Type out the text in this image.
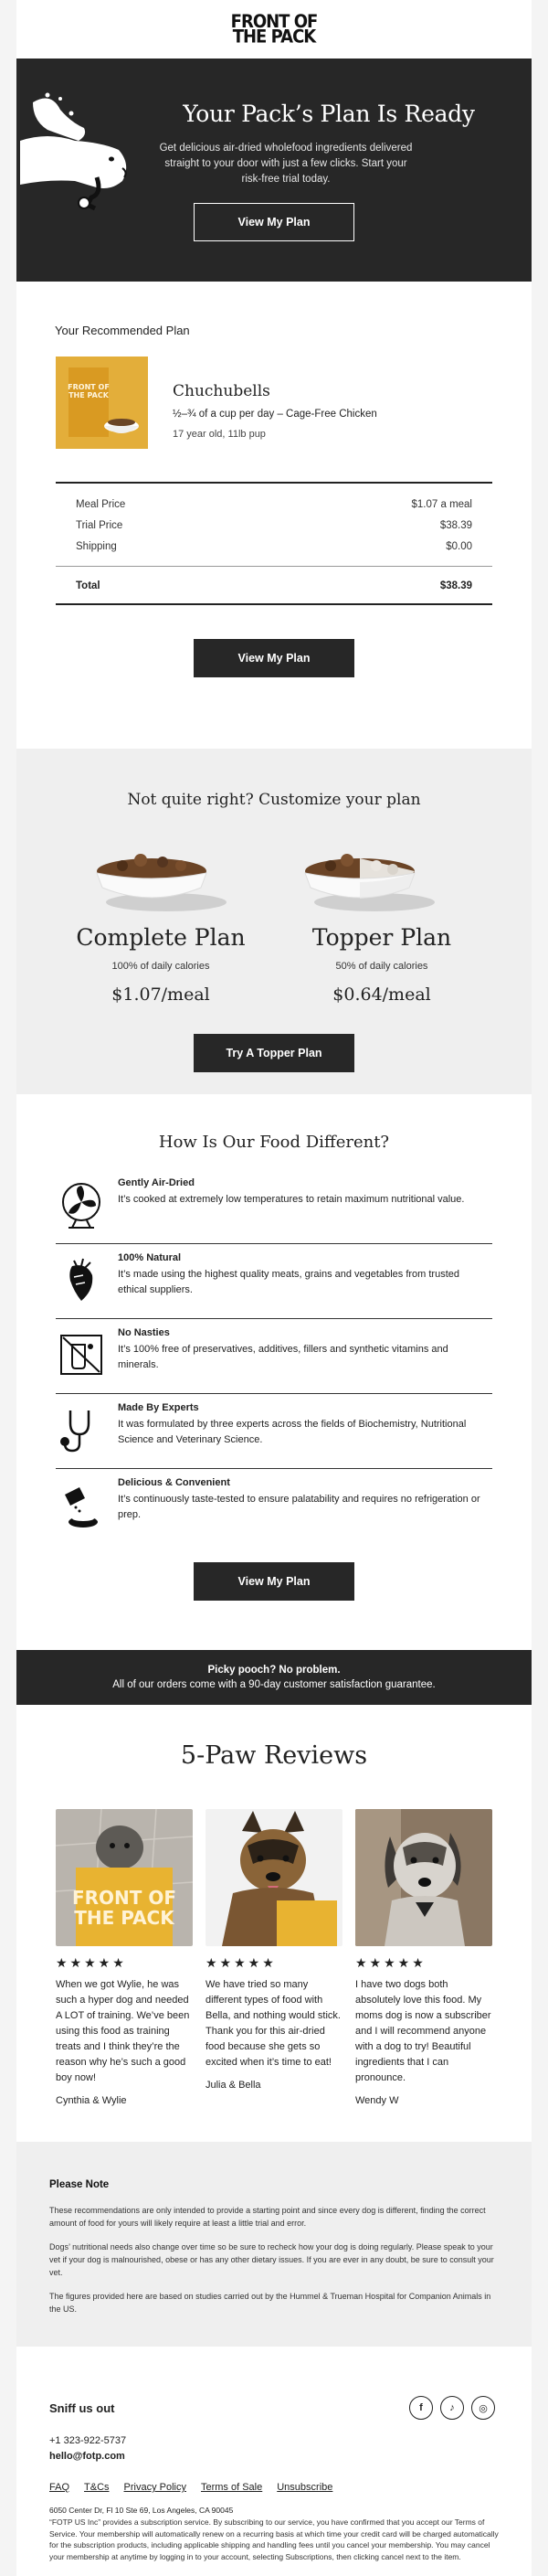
FRONT OF
THE PACK
Your Pack’s Plan Is Ready
Get delicious air-dried wholefood ingredients delivered straight to your door with just a few clicks. Start your risk-free trial today.
View My Plan
Your Recommended Plan
FRONT OF
THE PACK	Chuchubells
½–¾ of a cup per day – Cage-Free Chicken
17 year old, 11lb pup
Meal Price	$1.07 a meal
Trial Price	$38.39
Shipping	$0.00
Total	$38.39
View My Plan
Not quite right? Customize your plan
Complete Plan
100% of daily calories
$1.07/meal
Topper Plan
50% of daily calories
$0.64/meal
Try A Topper Plan
How Is Our Food Different?
Gently Air-Dried
It’s cooked at extremely low temperatures to retain maximum nutritional value.
100% Natural
It’s made using the highest quality meats, grains and vegetables from trusted ethical suppliers.
No Nasties
It’s 100% free of preservatives, additives, fillers and synthetic vitamins and minerals.
Made By Experts
It was formulated by three experts across the fields of Biochemistry, Nutritional Science and Veterinary Science.
Delicious & Convenient
It’s continuously taste-tested to ensure palatability and requires no refrigeration or prep.
View My Plan
Picky pooch? No problem.
All of our orders come with a 90-day customer satisfaction guarantee.
5-Paw Reviews
FRONT OF
THE PACK
★★★★★
When we got Wylie, he was such a hyper dog and needed A LOT of training. We’ve been using this food as training treats and I think they’re the reason why he’s such a good boy now!
Cynthia & Wylie
★★★★★
We have tried so many different types of food with Bella, and nothing would stick. Thank you for this air-dried food because she gets so excited when it’s time to eat!
Julia & Bella
★★★★★
I have two dogs both absolutely love this food. My moms dog is now a subscriber and I will recommend anyone with a dog to try! Beautiful ingredients that I can pronounce.
Wendy W
Please Note

These recommendations are only intended to provide a starting point and since every dog is different, finding the correct amount of food for yours will likely require at least a little trial and error.

Dogs’ nutritional needs also change over time so be sure to recheck how your dog is doing regularly. Please speak to your vet if your dog is malnourished, obese or has any other dietary issues. If you are ever in any doubt, be sure to consult your vet.

The figures provided here are based on studies carried out by the Hummel & Trueman Hospital for Companion Animals in the US.

Sniff us out	f	♪	◎
+1 323-922-5737
hello@fotp.com
FAQ T&Cs Privacy Policy Terms of Sale Unsubscribe
6050 Center Dr, Fl 10 Ste 69, Los Angeles, CA 90045
“FOTP US Inc” provides a subscription service. By subscribing to our service, you have confirmed that you accept our Terms of Service. Your membership will automatically renew on a recurring basis at which time your credit card will be charged automatically for the subscription products, including applicable shipping and handling fees until you cancel your membership. You may cancel your membership at anytime by logging in to your account, selecting Subscriptions, then clicking cancel next to the item.
